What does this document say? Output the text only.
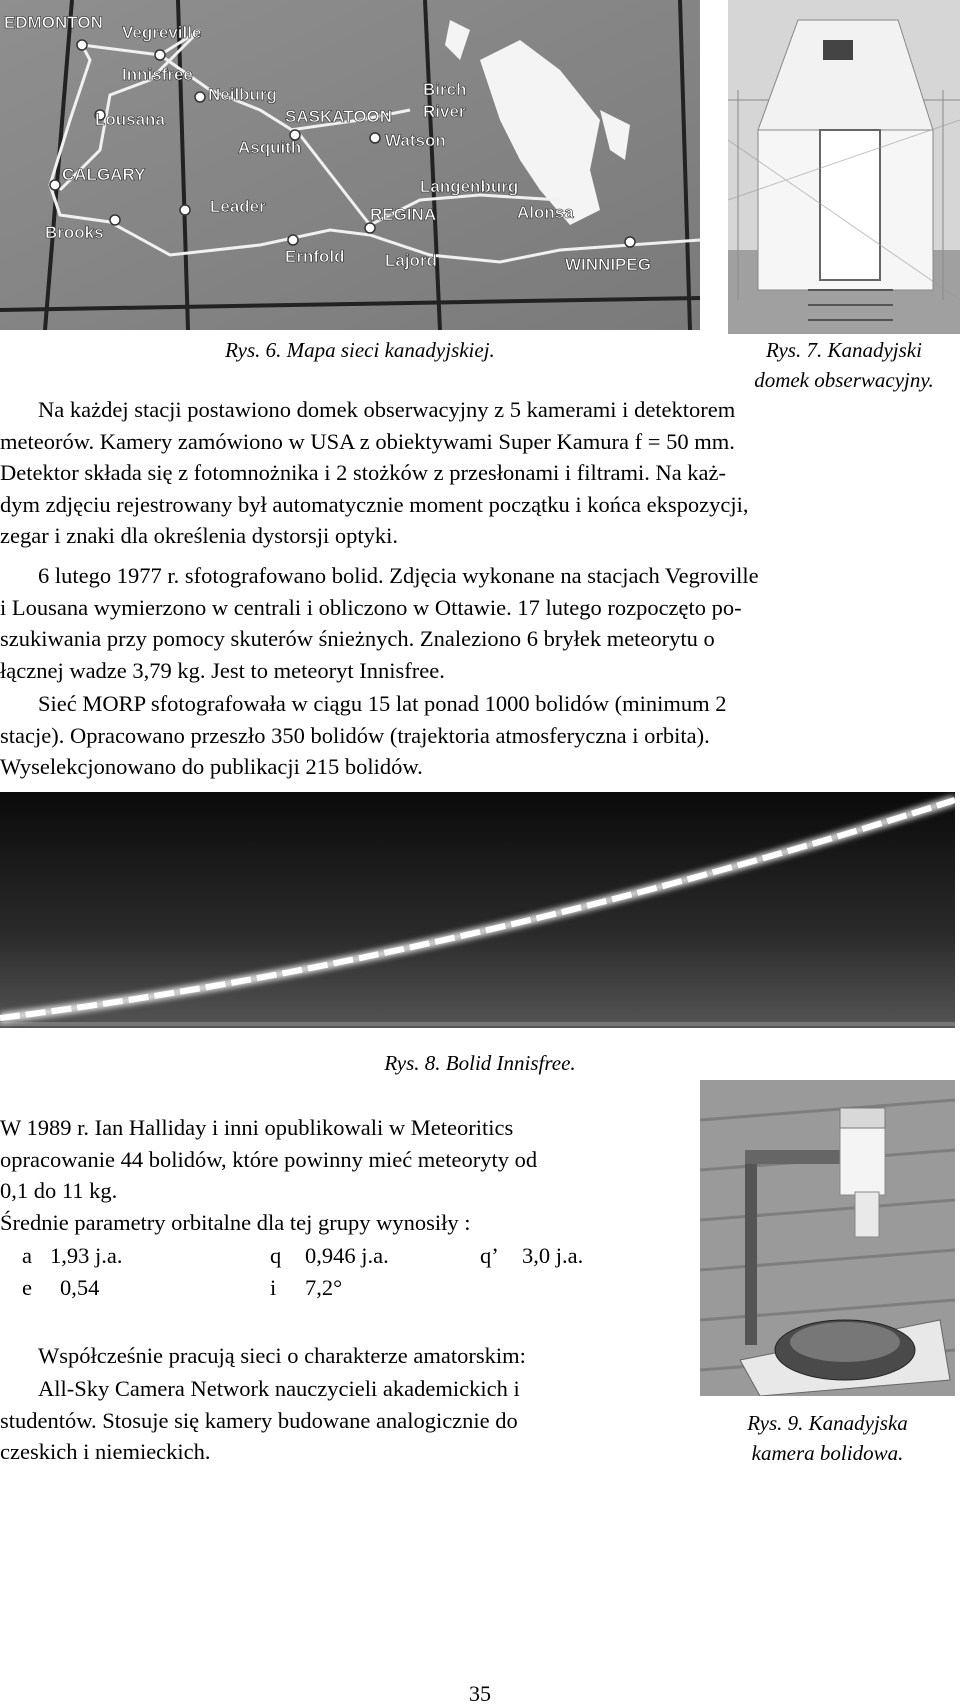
EDMONTON
Vegreville
Innisfree
Lousana
Neilburg
SASKATOON
Asquith
Birch
River
Watson
CALGARY
Langenburg
Leader	REGINA	Alonsa
Brooks
Ernfold Lajord	WINNIPEG
Rys. 6. Mapa sieci kanadyjskiej.	Rys. 7. Kanadyjski
domek obserwacyjny.
Na każdej stacji postawiono domek obserwacyjny z 5 kamerami i detektorem
meteorów. Kamery zamówiono w USA z obiektywami Super Kamura f = 50 mm.
Detektor składa się z fotomnożnika i 2 stożków z przesłonami i filtrami. Na każ-
dym zdjęciu rejestrowany był automatycznie moment początku i końca ekspozycji,
zegar i znaki dla określenia dystorsji optyki.
6 lutego 1977 r. sfotografowano bolid. Zdjęcia wykonane na stacjach Vegroville
i Lousana wymierzono w centrali i obliczono w Ottawie. 17 lutego rozpoczęto po-
szukiwania przy pomocy skuterów śnieżnych. Znaleziono 6 bryłek meteorytu o
łącznej wadze 3,79 kg. Jest to meteoryt Innisfree.
Sieć MORP sfotografowała w ciągu 15 lat ponad 1000 bolidów (minimum 2
stacje). Opracowano przeszło 350 bolidów (trajektoria atmosferyczna i orbita).
Wyselekcjonowano do publikacji 215 bolidów.
Rys. 8. Bolid Innisfree.
Rys. 9. Kanadyjska
kamera bolidowa.
W 1989 r. Ian Halliday i inni opublikowali w Meteoritics
opracowanie 44 bolidów, które powinny mieć meteoryty od
0,1 do 11 kg.
Średnie parametry orbitalne dla tej grupy wynosiły :
a 1,93 j.a.	q 0,946 j.a.	q’ 3,0 j.a.
e 0,54	i 7,2°
Współcześnie pracują sieci o charakterze amatorskim:
All-Sky Camera Network nauczycieli akademickich i
studentów. Stosuje się kamery budowane analogicznie do
czeskich i niemieckich.
35
